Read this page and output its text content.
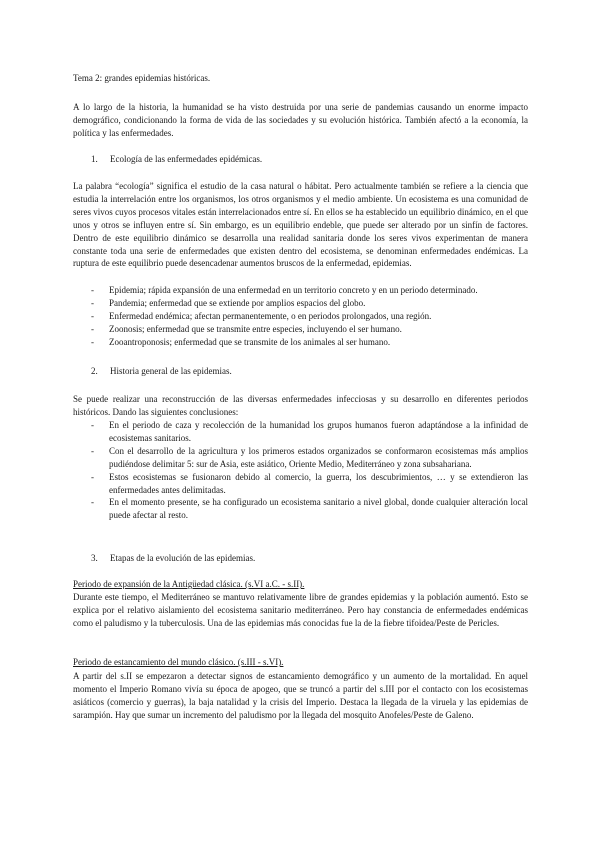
Tema 2: grandes epidemias históricas.

A lo largo de la historia, la humanidad se ha visto destruida por una serie de pandemias causando un enorme impacto demográfico, condicionando la forma de vida de las sociedades y su evolución histórica. También afectó a la economía, la política y las enfermedades.

1.	Ecología de las enfermedades epidémicas.

La palabra “ecología” significa el estudio de la casa natural o hábitat. Pero actualmente también se refiere a la ciencia que estudia la interrelación entre los organismos, los otros organismos y el medio ambiente. Un ecosistema es una comunidad de seres vivos cuyos procesos vitales están interrelacionados entre sí. En ellos se ha establecido un equilibrio dinámico, en el que unos y otros se influyen entre sí. Sin embargo, es un equilibrio endeble, que puede ser alterado por un sinfín de factores. Dentro de este equilibrio dinámico se desarrolla una realidad sanitaria donde los seres vivos experimentan de manera constante toda una serie de enfermedades que existen dentro del ecosistema, se denominan enfermedades endémicas. La ruptura de este equilibrio puede desencadenar aumentos bruscos de la enfermedad, epidemias.

- Epidemia; rápida expansión de una enfermedad en un territorio concreto y en un periodo determinado.
- Pandemia; enfermedad que se extiende por amplios espacios del globo.
- Enfermedad endémica; afectan permanentemente, o en periodos prolongados, una región.
- Zoonosis; enfermedad que se transmite entre especies, incluyendo el ser humano.
- Zooantroponosis; enfermedad que se transmite de los animales al ser humano.

2.	Historia general de las epidemias.

Se puede realizar una reconstrucción de las diversas enfermedades infecciosas y su desarrollo en diferentes periodos históricos. Dando las siguientes conclusiones:

- En el periodo de caza y recolección de la humanidad los grupos humanos fueron adaptándose a la infinidad de ecosistemas sanitarios.
- Con el desarrollo de la agricultura y los primeros estados organizados se conformaron ecosistemas más amplios pudiéndose delimitar 5: sur de Asia, este asiático, Oriente Medio, Mediterráneo y zona subsahariana.
- Estos ecosistemas se fusionaron debido al comercio, la guerra, los descubrimientos, … y se extendieron las enfermedades antes delimitadas.
- En el momento presente, se ha configurado un ecosistema sanitario a nivel global, donde cualquier alteración local puede afectar al resto.

3.	Etapas de la evolución de las epidemias.

Periodo de expansión de la Antigüedad clásica. (s.VI a.C. - s.II).

Durante este tiempo, el Mediterráneo se mantuvo relativamente libre de grandes epidemias y la población aumentó. Esto se explica por el relativo aislamiento del ecosistema sanitario mediterráneo. Pero hay constancia de enfermedades endémicas como el paludismo y la tuberculosis. Una de las epidemias más conocidas fue la de la fiebre tifoidea/Peste de Pericles.

Periodo de estancamiento del mundo clásico. (s.III - s.VI).

A partir del s.II se empezaron a detectar signos de estancamiento demográfico y un aumento de la mortalidad. En aquel momento el Imperio Romano vivía su época de apogeo, que se truncó a partir del s.III por el contacto con los ecosistemas asiáticos (comercio y guerras), la baja natalidad y la crisis del Imperio. Destaca la llegada de la viruela y las epidemias de sarampión. Hay que sumar un incremento del paludismo por la llegada del mosquito Anofeles/Peste de Galeno.
